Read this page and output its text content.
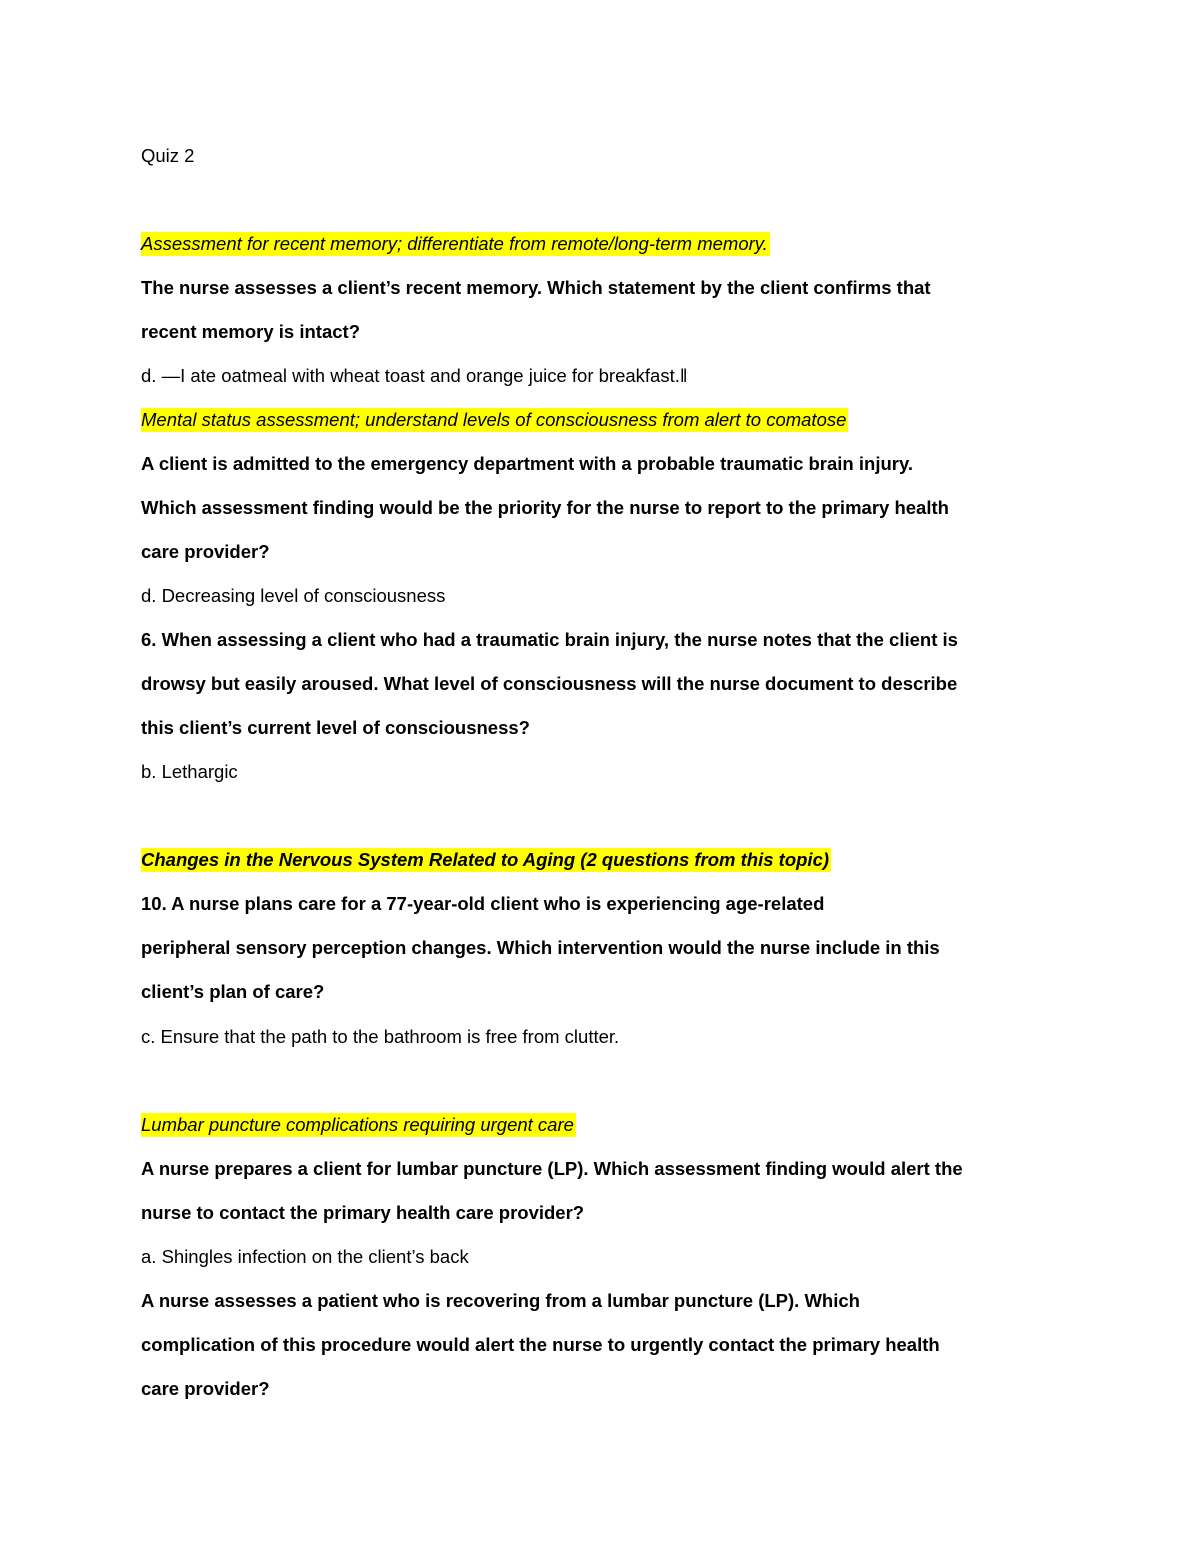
Quiz 2
Assessment for recent memory; differentiate from remote/long-term memory.
The nurse assesses a client’s recent memory. Which statement by the client confirms that
recent memory is intact?
d. —I ate oatmeal with wheat toast and orange juice for breakfast.‖
Mental status assessment; understand levels of consciousness from alert to comatose
A client is admitted to the emergency department with a probable traumatic brain injury.
Which assessment finding would be the priority for the nurse to report to the primary health
care provider?
d. Decreasing level of consciousness
6. When assessing a client who had a traumatic brain injury, the nurse notes that the client is
drowsy but easily aroused. What level of consciousness will the nurse document to describe
this client’s current level of consciousness?
b. Lethargic
Changes in the Nervous System Related to Aging (2 questions from this topic)
10. A nurse plans care for a 77-year-old client who is experiencing age-related
peripheral sensory perception changes. Which intervention would the nurse include in this
client’s plan of care?
c. Ensure that the path to the bathroom is free from clutter.
Lumbar puncture complications requiring urgent care
A nurse prepares a client for lumbar puncture (LP). Which assessment finding would alert the
nurse to contact the primary health care provider?
a. Shingles infection on the client’s back
A nurse assesses a patient who is recovering from a lumbar puncture (LP). Which
complication of this procedure would alert the nurse to urgently contact the primary health
care provider?
